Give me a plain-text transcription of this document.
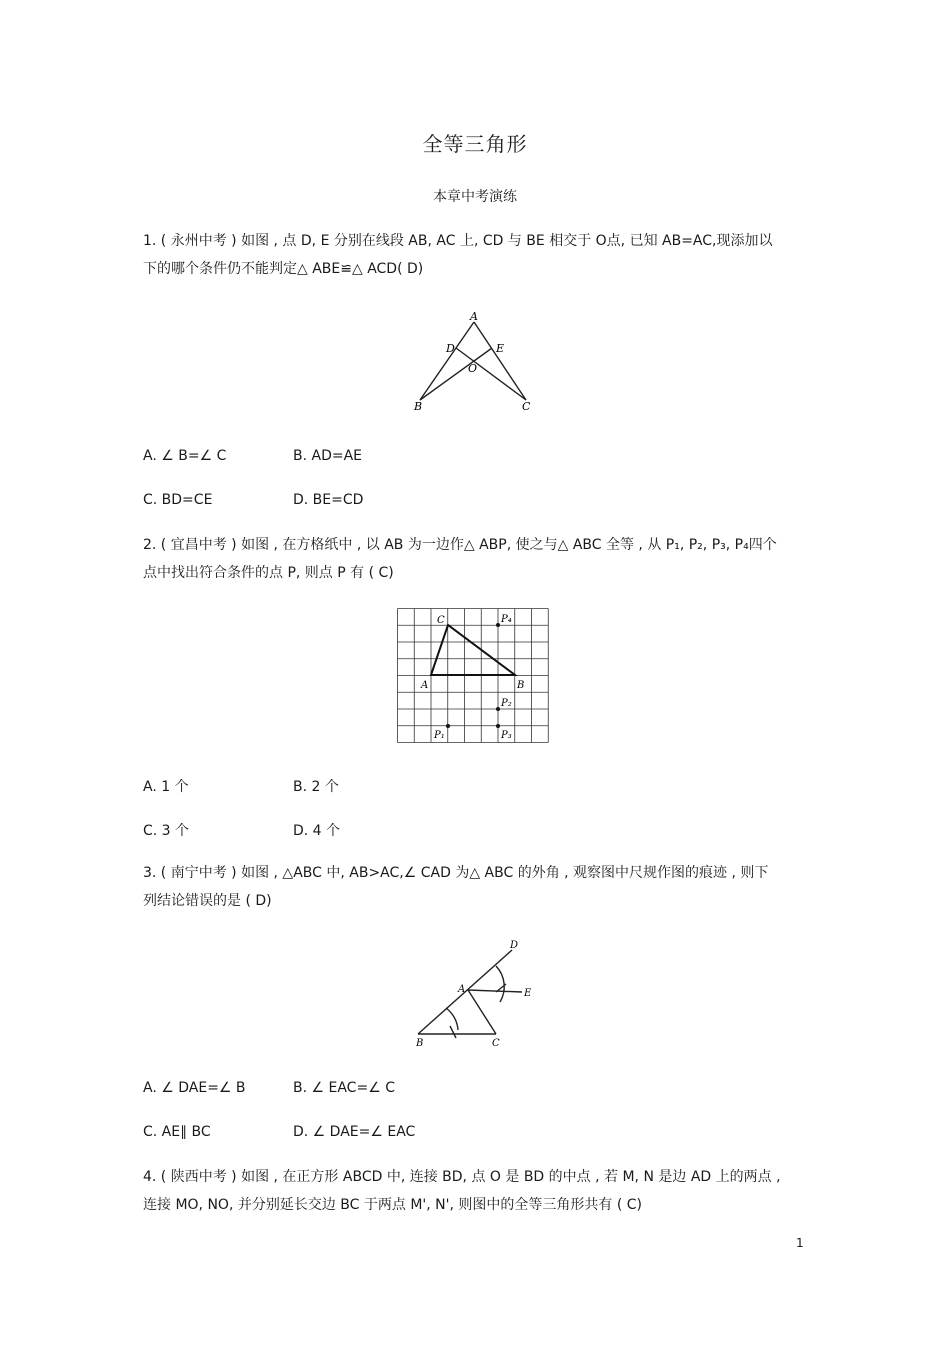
全等三角形
本章中考演练
1. ( 永州中考 ) 如图 , 点 D, E 分别在线段 AB, AC 上, CD 与 BE 相交于 O点, 已知 AB=AC,现添加以
下的哪个条件仍不能判定△ ABE≌△ ACD( D)
A
D	E
O
B	C
A. ∠ B=∠ C	B. AD=AE
C. BD=CE	D. BE=CD
2. ( 宜昌中考 ) 如图 , 在方格纸中 , 以 AB 为一边作△ ABP, 使之与△ ABC 全等 , 从 P₁, P₂, P₃, P₄四个
点中找出符合条件的点 P, 则点 P 有 ( C)
C
A	B
P₄
P₂
P₁	P₃
A. 1 个	B. 2 个
C. 3 个	D. 4 个
3. ( 南宁中考 ) 如图 , △ABC 中, AB>AC,∠ CAD 为△ ABC 的外角 , 观察图中尺规作图的痕迹 , 则下
列结论错误的是 ( D)
D
A	E
B	C
A. ∠ DAE=∠ B	B. ∠ EAC=∠ C
C. AE∥ BC	D. ∠ DAE=∠ EAC
4. ( 陕西中考 ) 如图 , 在正方形 ABCD 中, 连接 BD, 点 O 是 BD 的中点 , 若 M, N 是边 AD 上的两点 ,
连接 MO, NO, 并分别延长交边 BC 于两点 M', N', 则图中的全等三角形共有 ( C)
1
